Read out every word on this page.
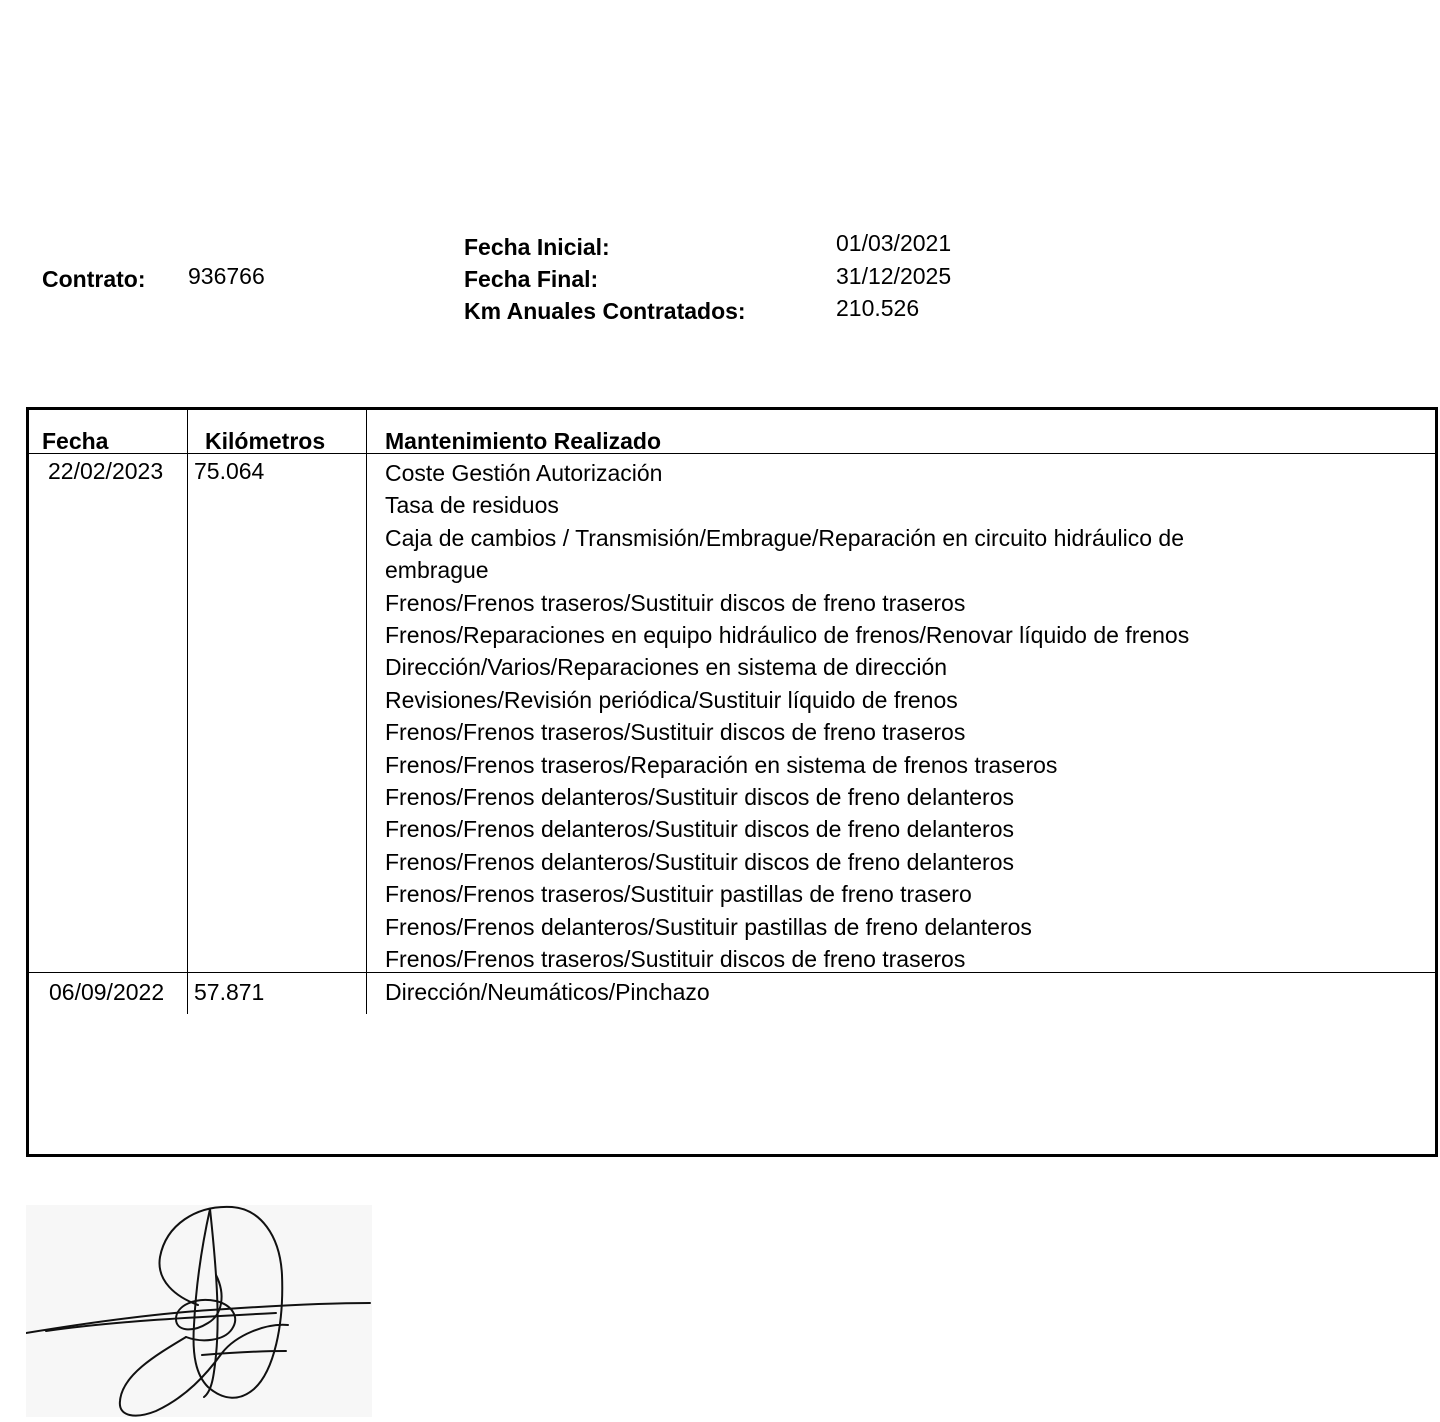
Contrato: 936766
Fecha Inicial:	01/03/2021
Fecha Final:	31/12/2025
Km Anuales Contratados:	210.526
Fecha	Kilómetros	Mantenimiento Realizado
22/02/2023 75.064	Coste Gestión Autorización
Tasa de residuos
Caja de cambios / Transmisión/Embrague/Reparación en circuito hidráulico de embrague
Frenos/Frenos traseros/Sustituir discos de freno traseros
Frenos/Reparaciones en equipo hidráulico de frenos/Renovar líquido de frenos
Dirección/Varios/Reparaciones en sistema de dirección
Revisiones/Revisión periódica/Sustituir líquido de frenos
Frenos/Frenos traseros/Sustituir discos de freno traseros
Frenos/Frenos traseros/Reparación en sistema de frenos traseros
Frenos/Frenos delanteros/Sustituir discos de freno delanteros
Frenos/Frenos delanteros/Sustituir discos de freno delanteros
Frenos/Frenos delanteros/Sustituir discos de freno delanteros
Frenos/Frenos traseros/Sustituir pastillas de freno trasero
Frenos/Frenos delanteros/Sustituir pastillas de freno delanteros
Frenos/Frenos traseros/Sustituir discos de freno traseros
06/09/2022 57.871	Dirección/Neumáticos/Pinchazo
